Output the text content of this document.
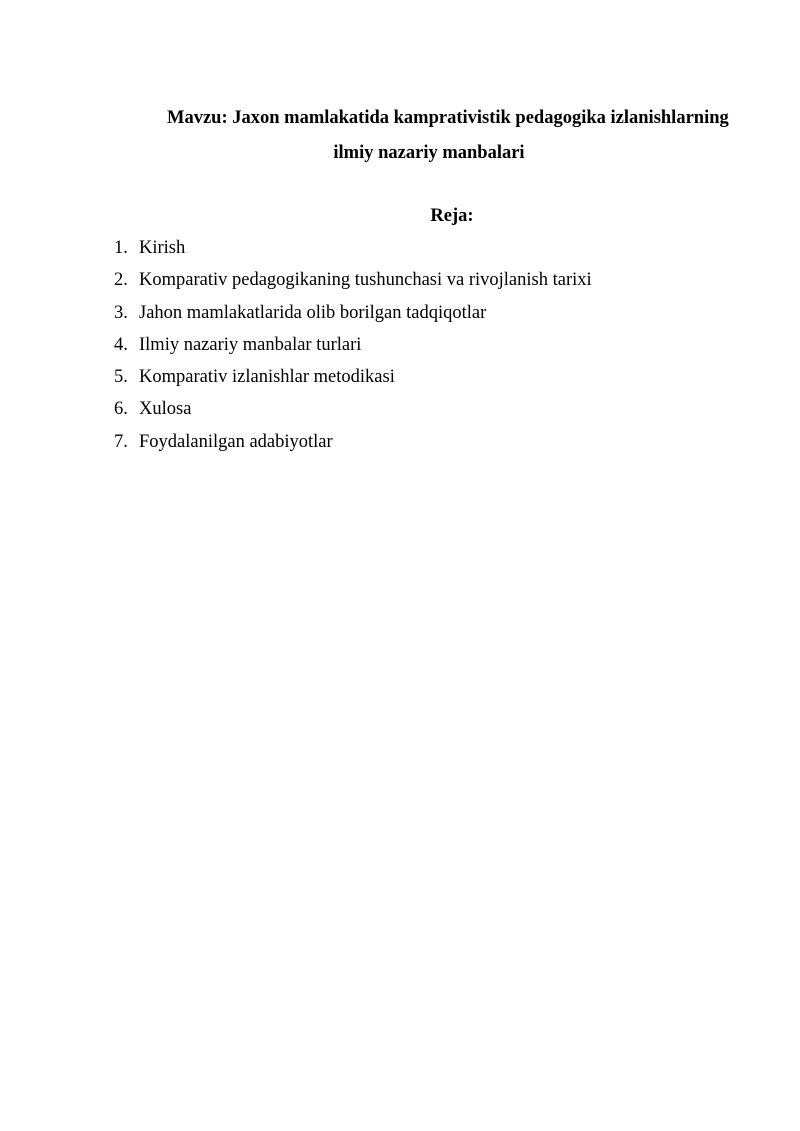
Mavzu: Jaxon mamlakatida kamprativistik pedagogika izlanishlarning
ilmiy nazariy manbalari
Reja:
1. Kirish
2. Komparativ pedagogikaning tushunchasi va rivojlanish tarixi
3. Jahon mamlakatlarida olib borilgan tadqiqotlar
4. Ilmiy nazariy manbalar turlari
5. Komparativ izlanishlar metodikasi
6. Xulosa
7. Foydalanilgan adabiyotlar
